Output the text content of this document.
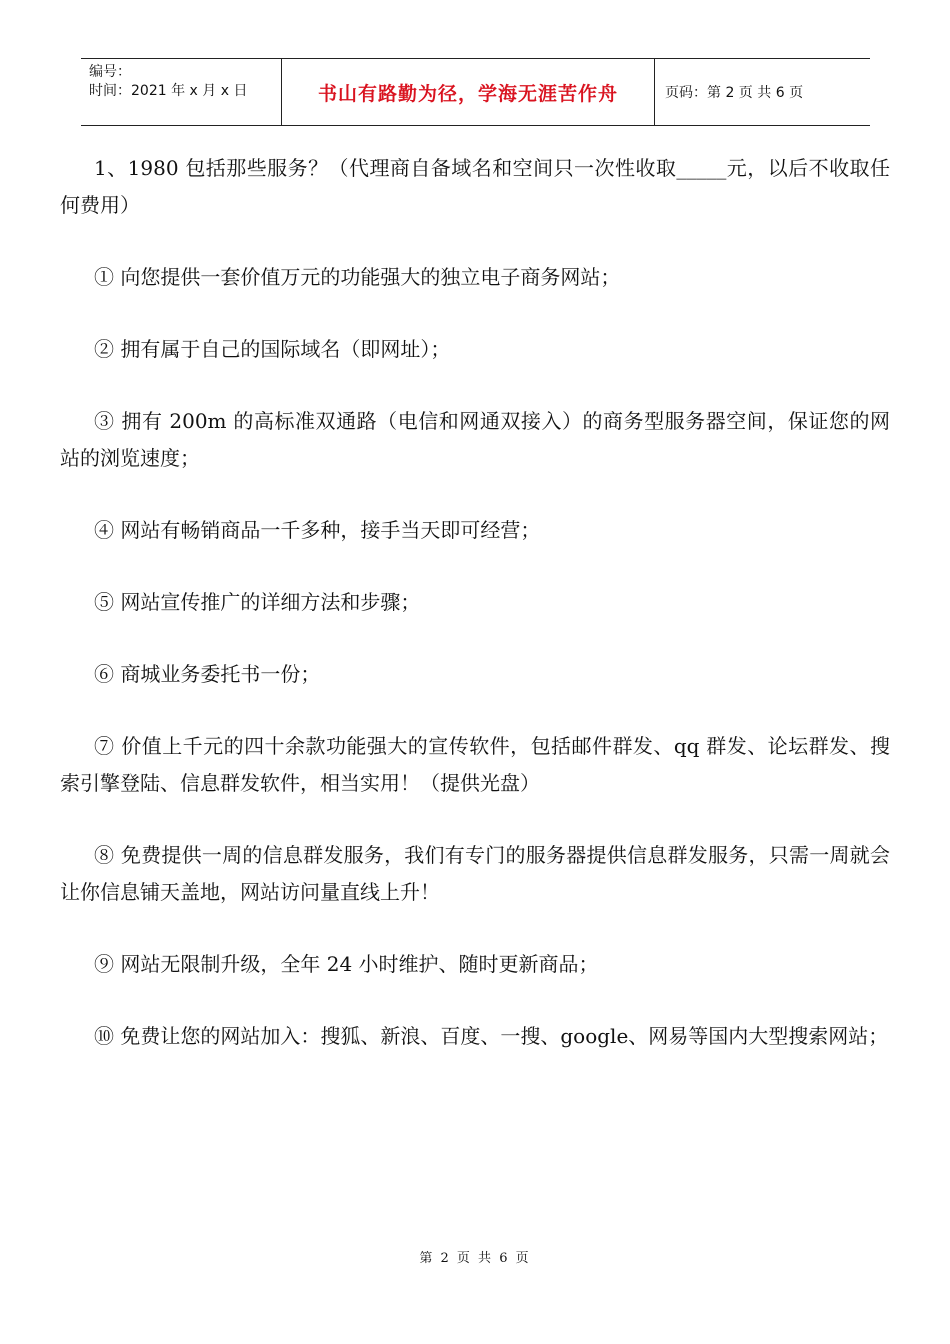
编号：
时间：2021 年 x 月 x 日	书山有路勤为径，学海无涯苦作舟	页码：第 2 页 共 6 页

1、1980 包括那些服务？（代理商自备域名和空间只一次性收取_____元，以后不收取任何费用）

① 向您提供一套价值万元的功能强大的独立电子商务网站；

② 拥有属于自己的国际域名（即网址）；

③ 拥有 200m 的高标准双通路（电信和网通双接入）的商务型服务器空间，保证您的网站的浏览速度；

④ 网站有畅销商品一千多种，接手当天即可经营；

⑤ 网站宣传推广的详细方法和步骤；

⑥ 商城业务委托书一份；

⑦ 价值上千元的四十余款功能强大的宣传软件，包括邮件群发、qq 群发、论坛群发、搜索引擎登陆、信息群发软件，相当实用！（提供光盘）

⑧ 免费提供一周的信息群发服务，我们有专门的服务器提供信息群发服务，只需一周就会让你信息铺天盖地，网站访问量直线上升！

⑨ 网站无限制升级，全年 24 小时维护、随时更新商品；

⑩ 免费让您的网站加入：搜狐、新浪、百度、一搜、google、网易等国内大型搜索网站；

第 2 页 共 6 页
